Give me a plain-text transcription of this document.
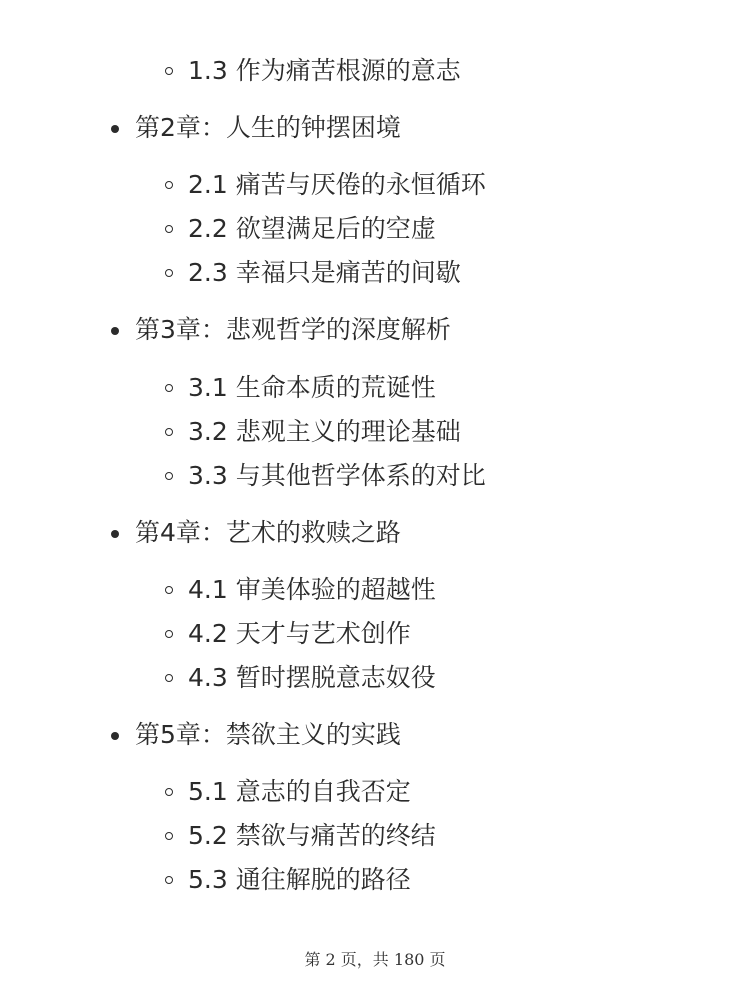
1.3 作为痛苦根源的意志
第2章：人生的钟摆困境
2.1 痛苦与厌倦的永恒循环
2.2 欲望满足后的空虚
2.3 幸福只是痛苦的间歇
第3章：悲观哲学的深度解析
3.1 生命本质的荒诞性
3.2 悲观主义的理论基础
3.3 与其他哲学体系的对比
第4章：艺术的救赎之路
4.1 审美体验的超越性
4.2 天才与艺术创作
4.3 暂时摆脱意志奴役
第5章：禁欲主义的实践
5.1 意志的自我否定
5.2 禁欲与痛苦的终结
5.3 通往解脱的路径
第 2 页，共 180 页
